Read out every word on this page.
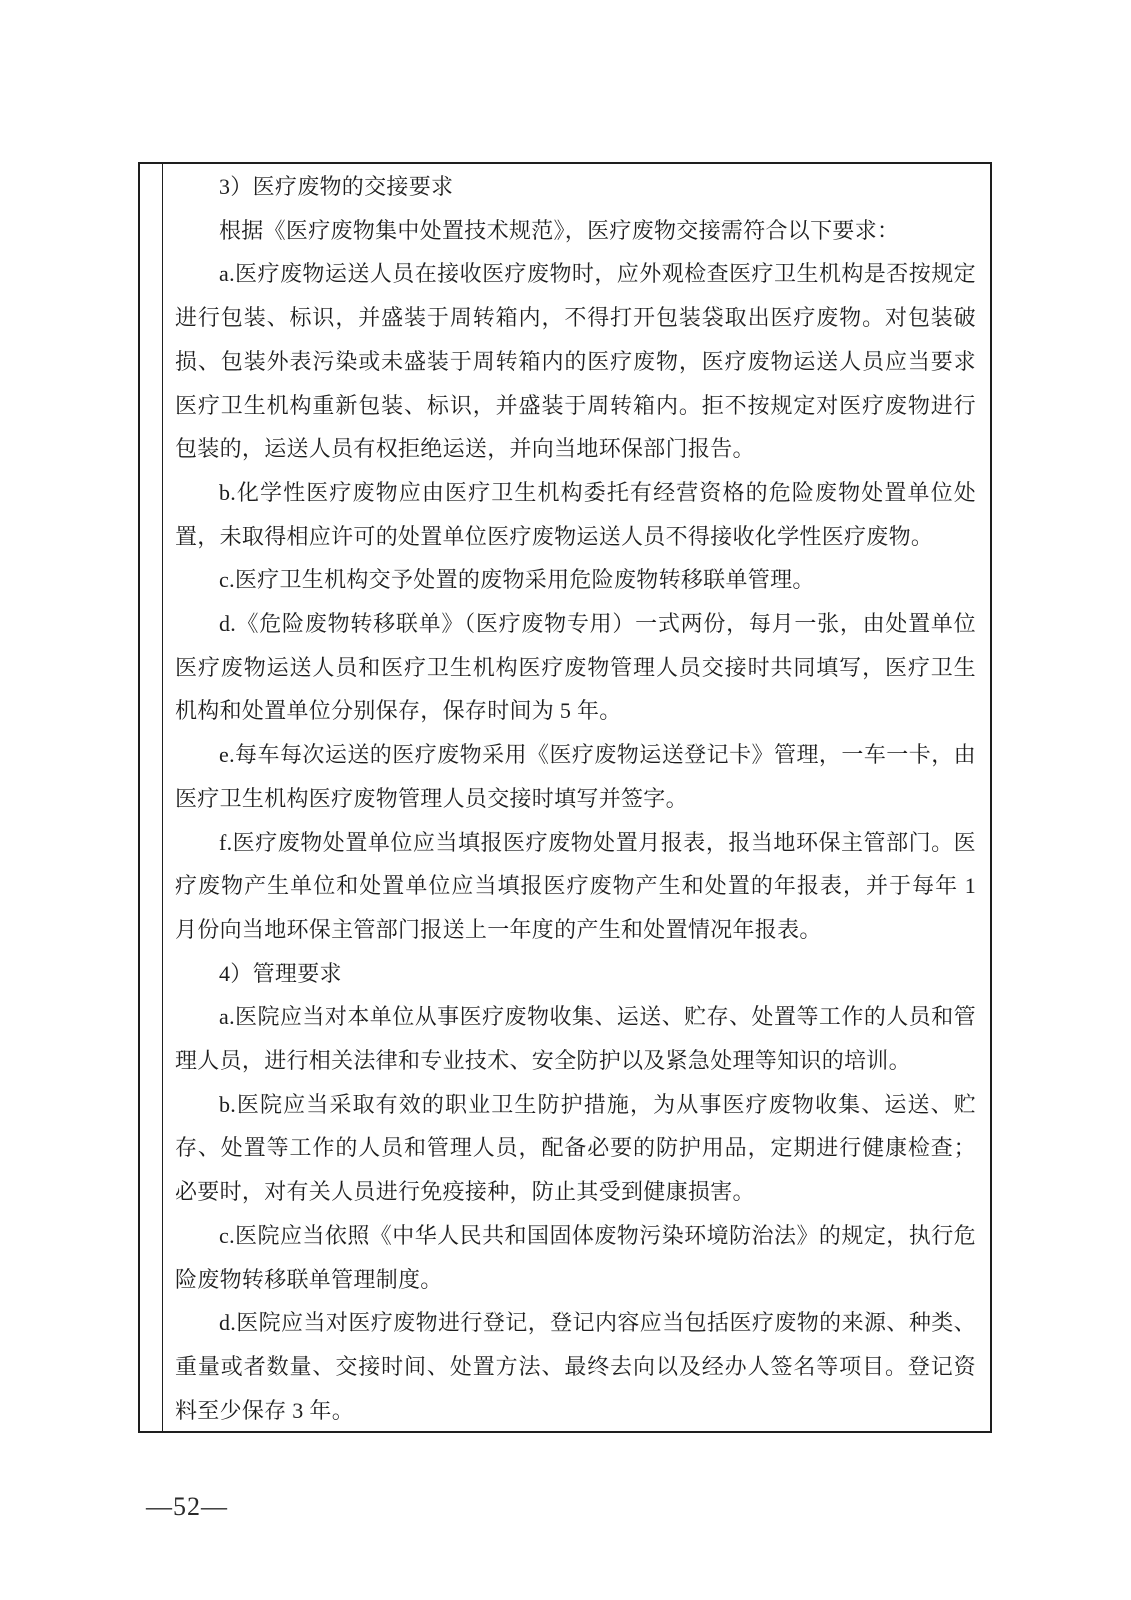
3）医疗废物的交接要求

根据《医疗废物集中处置技术规范》，医疗废物交接需符合以下要求：

a.医疗废物运送人员在接收医疗废物时，应外观检查医疗卫生机构是否按规定进行包装、标识，并盛装于周转箱内，不得打开包装袋取出医疗废物。对包装破损、包装外表污染或未盛装于周转箱内的医疗废物，医疗废物运送人员应当要求医疗卫生机构重新包装、标识，并盛装于周转箱内。拒不按规定对医疗废物进行包装的，运送人员有权拒绝运送，并向当地环保部门报告。

b.化学性医疗废物应由医疗卫生机构委托有经营资格的危险废物处置单位处置，未取得相应许可的处置单位医疗废物运送人员不得接收化学性医疗废物。

c.医疗卫生机构交予处置的废物采用危险废物转移联单管理。

d.《危险废物转移联单》（医疗废物专用）一式两份，每月一张，由处置单位医疗废物运送人员和医疗卫生机构医疗废物管理人员交接时共同填写，医疗卫生机构和处置单位分别保存，保存时间为 5 年。

e.每车每次运送的医疗废物采用《医疗废物运送登记卡》管理，一车一卡，由医疗卫生机构医疗废物管理人员交接时填写并签字。

f.医疗废物处置单位应当填报医疗废物处置月报表，报当地环保主管部门。医疗废物产生单位和处置单位应当填报医疗废物产生和处置的年报表，并于每年 1 月份向当地环保主管部门报送上一年度的产生和处置情况年报表。

4）管理要求

a.医院应当对本单位从事医疗废物收集、运送、贮存、处置等工作的人员和管理人员，进行相关法律和专业技术、安全防护以及紧急处理等知识的培训。

b.医院应当采取有效的职业卫生防护措施，为从事医疗废物收集、运送、贮存、处置等工作的人员和管理人员，配备必要的防护用品，定期进行健康检查；必要时，对有关人员进行免疫接种，防止其受到健康损害。

c.医院应当依照《中华人民共和国固体废物污染环境防治法》的规定，执行危险废物转移联单管理制度。

d.医院应当对医疗废物进行登记，登记内容应当包括医疗废物的来源、种类、重量或者数量、交接时间、处置方法、最终去向以及经办人签名等项目。登记资料至少保存 3 年。

—52—
